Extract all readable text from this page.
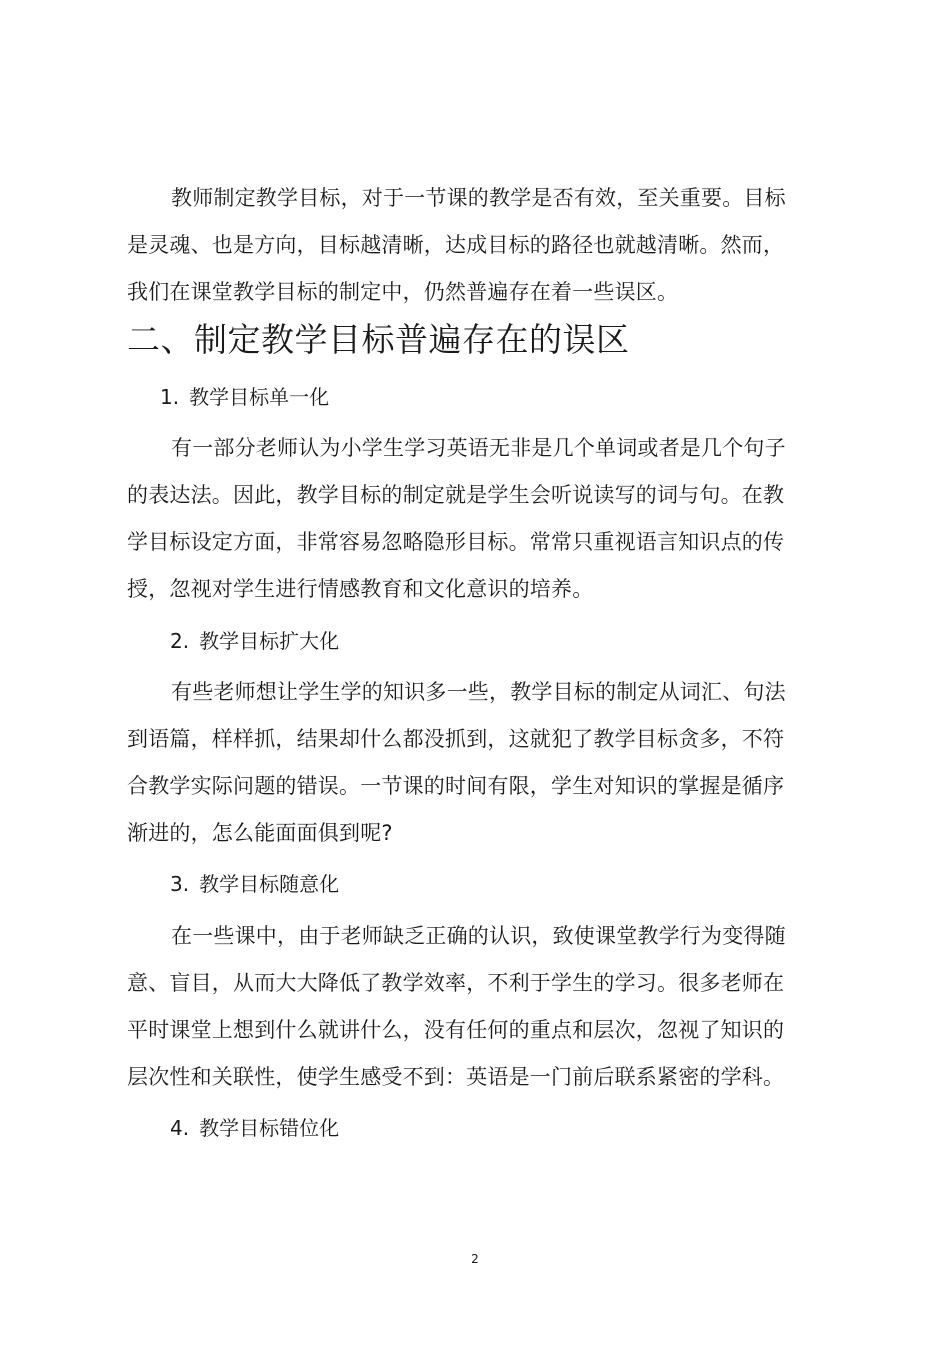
教师制定教学目标，对于一节课的教学是否有效，至关重要。目标
是灵魂、也是方向，目标越清晰，达成目标的路径也就越清晰。然而，
我们在课堂教学目标的制定中，仍然普遍存在着一些误区。
二、制定教学目标普遍存在的误区
1. 教学目标单一化
有一部分老师认为小学生学习英语无非是几个单词或者是几个句子
的表达法。因此，教学目标的制定就是学生会听说读写的词与句。在教
学目标设定方面，非常容易忽略隐形目标。常常只重视语言知识点的传
授，忽视对学生进行情感教育和文化意识的培养。
2. 教学目标扩大化
有些老师想让学生学的知识多一些，教学目标的制定从词汇、句法
到语篇，样样抓，结果却什么都没抓到，这就犯了教学目标贪多，不符
合教学实际问题的错误。一节课的时间有限，学生对知识的掌握是循序
渐进的，怎么能面面俱到呢?
3. 教学目标随意化
在一些课中，由于老师缺乏正确的认识，致使课堂教学行为变得随
意、盲目，从而大大降低了教学效率，不利于学生的学习。很多老师在
平时课堂上想到什么就讲什么，没有任何的重点和层次，忽视了知识的
层次性和关联性，使学生感受不到：英语是一门前后联系紧密的学科。
4. 教学目标错位化
2
